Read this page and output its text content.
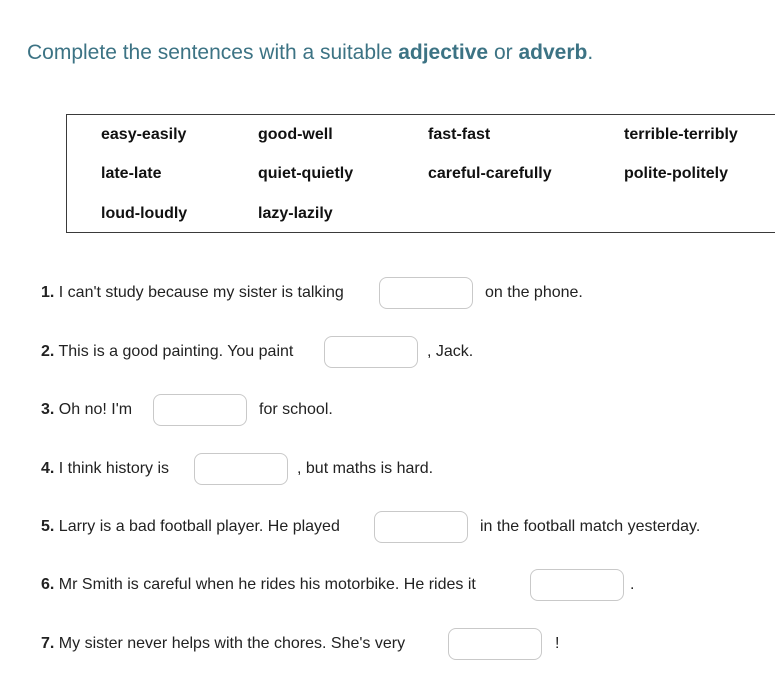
Complete the sentences with a suitable adjective or adverb.
easy-easily	good-well	fast-fast	terrible-terribly
late-late	quiet-quietly	careful-carefully	polite-politely
loud-loudly	lazy-lazily
1. I can't study because my sister is talking	on the phone.
2. This is a good painting. You paint	, Jack.
3. Oh no! I'm	for school.
4. I think history is	, but maths is hard.
5. Larry is a bad football player. He played	in the football match yesterday.
6. Mr Smith is careful when he rides his motorbike. He rides it	.
7. My sister never helps with the chores. She's very	!
